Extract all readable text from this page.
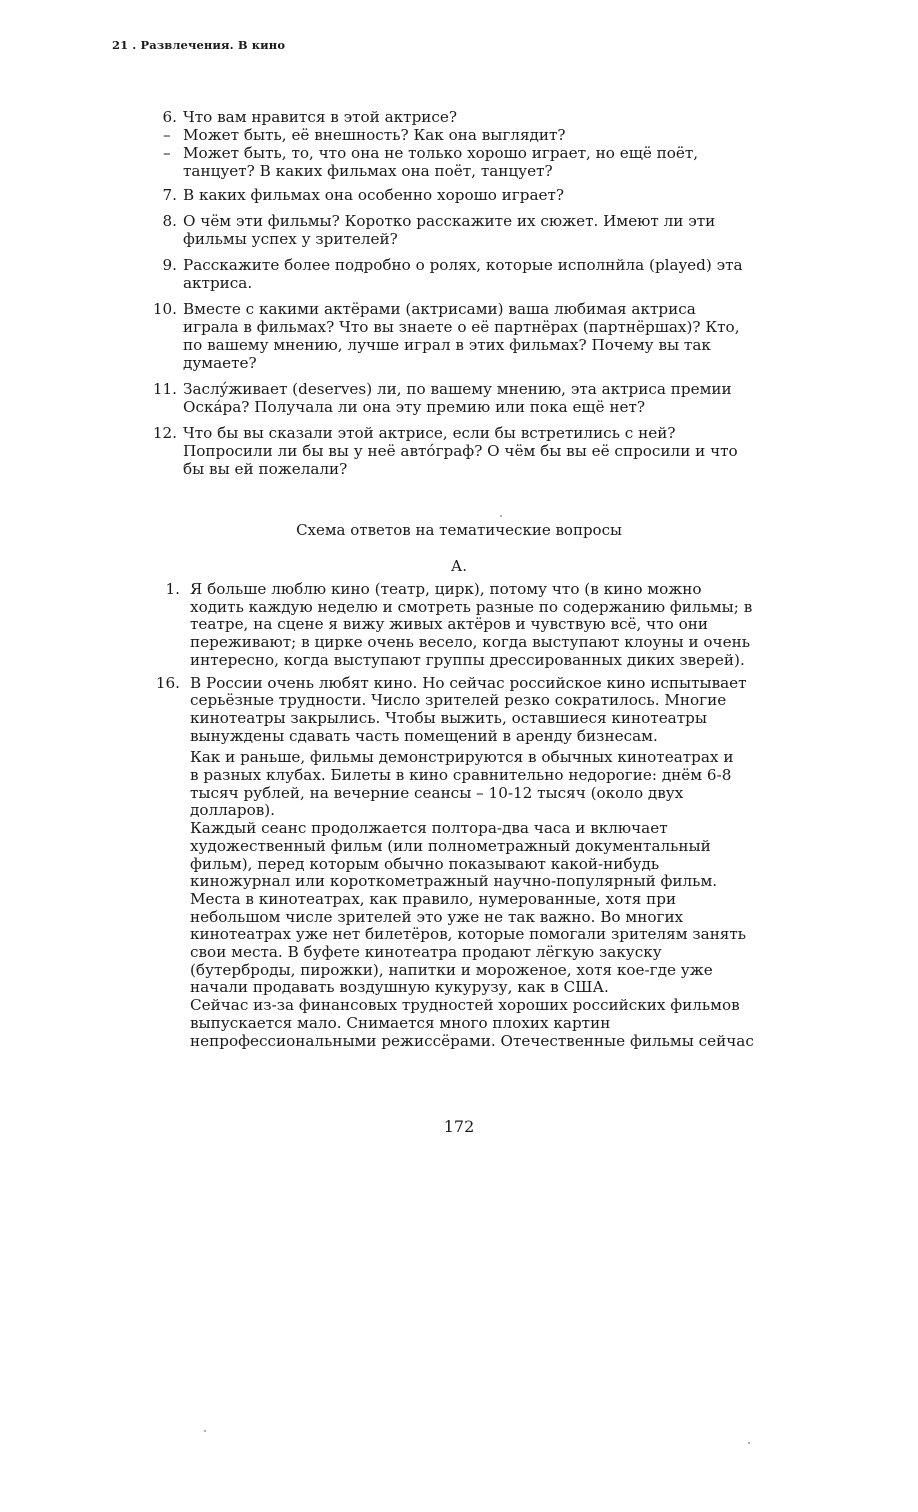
21 . Развлечения. В кино
6. Что вам нравится в этой актрисе?
– Может быть, её внешность? Как она выглядит?
– Может быть, то, что она не только хорошо играет, но ещё поёт,
танцует? В каких фильмах она поёт, танцует?
7. В каких фильмах она особенно хорошо играет?
8. О чём эти фильмы? Коротко расскажите их сюжет. Имеют ли эти
фильмы успех у зрителей?
9. Расскажите более подробно о ролях, которые исполнйла (played) эта
актриса.
10. Вместе с какими актёрами (актрисами) ваша любимая актриса
играла в фильмах? Что вы знаете о её партнёрах (партнёршах)? Кто,
по вашему мнению, лучше играл в этих фильмах? Почему вы так
думаете?
11. Заслýживает (deserves) ли, по вашему мнению, эта актриса премии
Оскáра? Получала ли она эту премию или пока ещё нет?
12. Что бы вы сказали этой актрисе, если бы встретились с ней?
Попросили ли бы вы у неё автóграф? О чём бы вы её спросили и что
бы вы ей пожелали?
Схема ответов на тематические вопросы
А.
1. Я больше люблю кино (театр, цирк), потому что (в кино можно
ходить каждую неделю и смотреть разные по содержанию фильмы; в
театре, на сцене я вижу живых актёров и чувствую всё, что они
переживают; в цирке очень весело, когда выступают клоуны и очень
интересно, когда выступают группы дрессированных диких зверей).
16. В России очень любят кино. Но сейчас российское кино испытывает
серьёзные трудности. Число зрителей резко сократилось. Многие
кинотеатры закрылись. Чтобы выжить, оставшиеся кинотеатры
вынуждены сдавать часть помещений в аренду бизнесам.
Как и раньше, фильмы демонстрируются в обычных кинотеатрах и
в разных клубах. Билеты в кино сравнительно недорогие: днём 6-8
тысяч рублей, на вечерние сеансы – 10-12 тысяч (около двух
долларов).
Каждый сеанс продолжается полтора-два часа и включает
художественный фильм (или полнометражный документальный
фильм), перед которым обычно показывают какой-нибудь
киножурнал или короткометражный научно-популярный фильм.
Места в кинотеатрах, как правило, нумерованные, хотя при
небольшом числе зрителей это уже не так важно. Во многих
кинотеатрах уже нет билетёров, которые помогали зрителям занять
свои места. В буфете кинотеатра продают лёгкую закуску
(бутерброды, пирожки), напитки и мороженое, хотя кое-где уже
начали продавать воздушную кукурузу, как в США.
Сейчас из-за финансовых трудностей хороших российских фильмов
выпускается мало. Снимается много плохих картин
непрофессиональными режиссёрами. Отечественные фильмы сейчас
172
